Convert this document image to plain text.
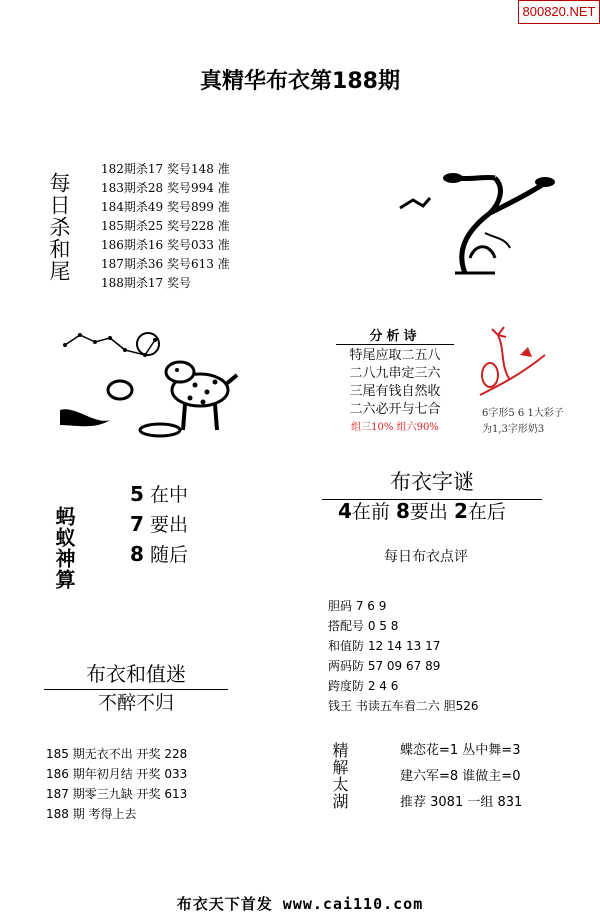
800820.NET
真精华布衣第188期
每日杀和尾
182期杀17 奖号148 准
183期杀28 奖号994 准
184期杀49 奖号899 准
185期杀25 奖号228 准
186期杀16 奖号033 准
187期杀36 奖号613 准
188期杀17 奖号
分析诗
特尾应取二五八
二八九串定三六
三尾有钱自然收
二六必开与七合
组三10% 组六90%
6字形5 6 1大彩子
为1,3字形奶3
蚂蚁神算
5 在中
7 要出
8 随后
布衣字谜
4在前 8要出 2在后
每日布衣点评
胆码 7 6 9
搭配号 0 5 8
和值防 12 14 13 17
两码防 57 09 67 89
跨度防 2 4 6
钱王 书读五车看二六 胆526
布衣和值迷
不醉不归
185 期无衣不出 开奖 228
186 期年初月结 开奖 033
187 期零三九缺 开奖 613
188 期 考得上去
精解太湖	蝶恋花=1 丛中舞=3
建六军=8 谁做主=0
推荐 3081 一组 831
布衣天下首发 www.cai110.com
